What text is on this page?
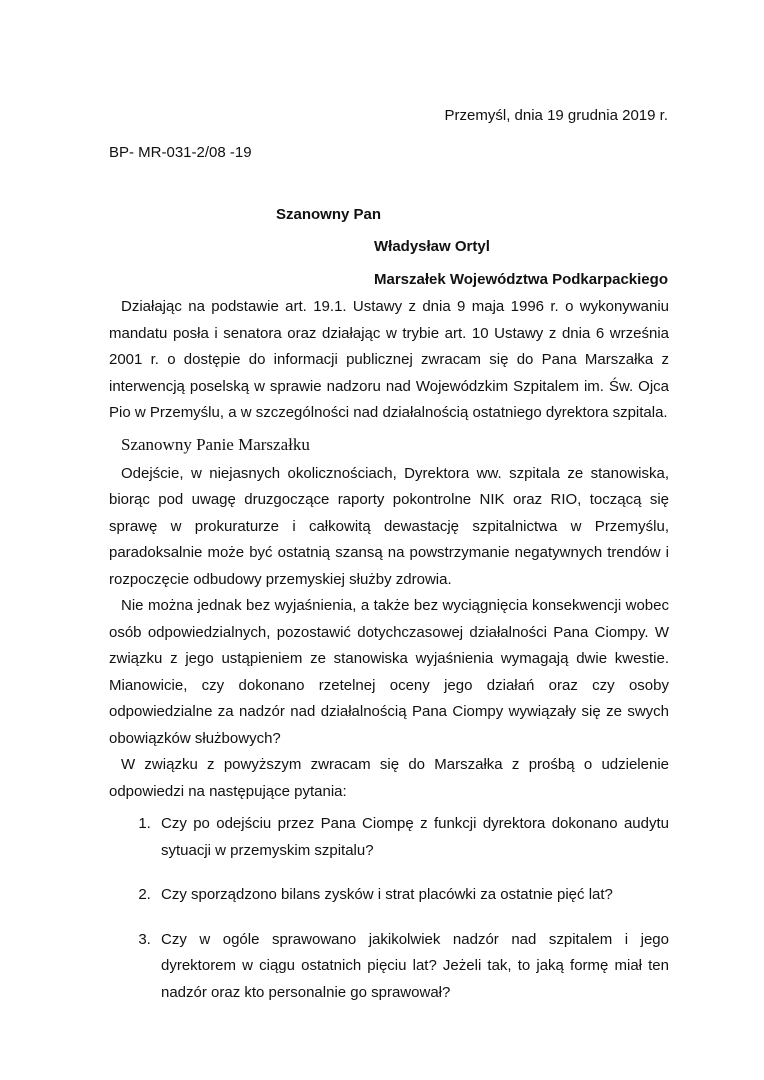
Przemyśl, dnia 19 grudnia 2019 r.
BP- MR-031-2/08 -19
Szanowny Pan
Władysław Ortyl
Marszałek Województwa Podkarpackiego

Działając na podstawie art. 19.1. Ustawy z dnia 9 maja 1996 r. o wykonywaniu mandatu posła i senatora oraz działając w trybie art. 10 Ustawy z dnia 6 września 2001 r. o dostępie do informacji publicznej zwracam się do Pana Marszałka z interwencją poselską w sprawie nadzoru nad Wojewódzkim Szpitalem im. Św. Ojca Pio w Przemyślu, a w szczególności nad działalnością ostatniego dyrektora szpitala.

Szanowny Panie Marszałku

Odejście, w niejasnych okolicznościach, Dyrektora ww. szpitala ze stanowiska, biorąc pod uwagę druzgoczące raporty pokontrolne NIK oraz RIO, toczącą się sprawę w prokuraturze i całkowitą dewastację szpitalnictwa w Przemyślu, paradoksalnie może być ostatnią szansą na powstrzymanie negatywnych trendów i rozpoczęcie odbudowy przemyskiej służby zdrowia.

Nie można jednak bez wyjaśnienia, a także bez wyciągnięcia konsekwencji wobec osób odpowiedzialnych, pozostawić dotychczasowej działalności Pana Ciompy. W związku z jego ustąpieniem ze stanowiska wyjaśnienia wymagają dwie kwestie. Mianowicie, czy dokonano rzetelnej oceny jego działań oraz czy osoby odpowiedzialne za nadzór nad działalnością Pana Ciompy wywiązały się ze swych obowiązków służbowych?

W związku z powyższym zwracam się do Marszałka z prośbą o udzielenie odpowiedzi na następujące pytania:

1. Czy po odejściu przez Pana Ciompę z funkcji dyrektora dokonano audytu sytuacji w przemyskim szpitalu?
2. Czy sporządzono bilans zysków i strat placówki za ostatnie pięć lat?
3. Czy w ogóle sprawowano jakikolwiek nadzór nad szpitalem i jego dyrektorem w ciągu ostatnich pięciu lat? Jeżeli tak, to jaką formę miał ten nadzór oraz kto personalnie go sprawował?
